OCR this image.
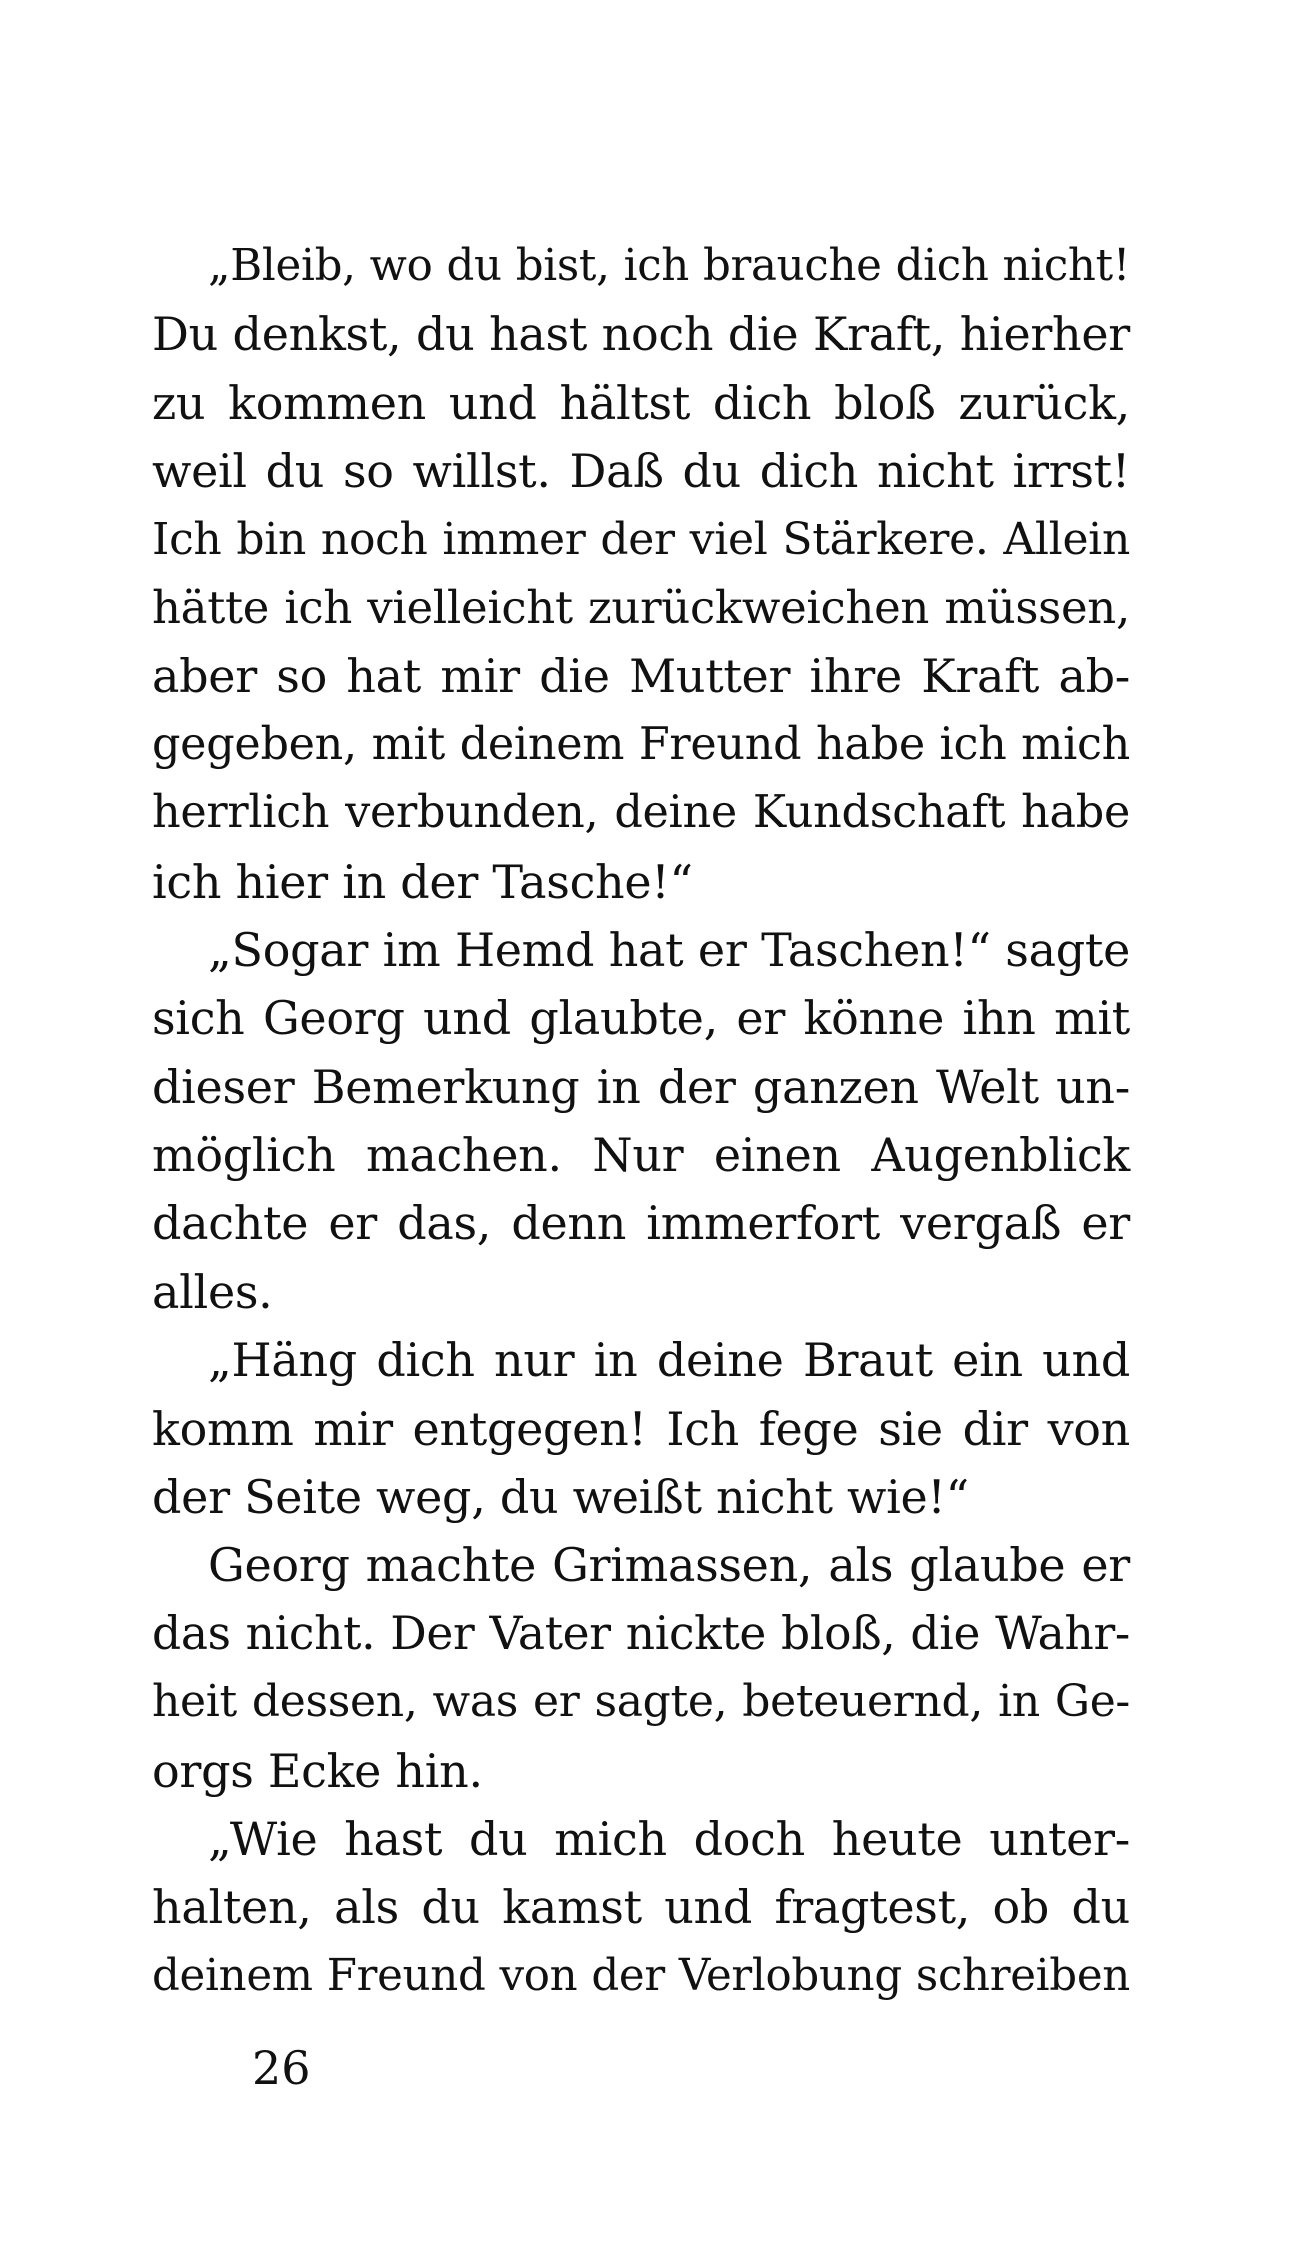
„Bleib, wo du bist, ich brauche dich nicht!
Du denkst, du hast noch die Kraft, hierher
zu kommen und hältst dich bloß zurück,
weil du so willst. Daß du dich nicht irrst!
Ich bin noch immer der viel Stärkere. Allein
hätte ich vielleicht zurückweichen müssen,
aber so hat mir die Mutter ihre Kraft ab-
gegeben, mit deinem Freund habe ich mich
herrlich verbunden, deine Kundschaft habe
ich hier in der Tasche!“
„Sogar im Hemd hat er Taschen!“ sagte
sich Georg und glaubte, er könne ihn mit
dieser Bemerkung in der ganzen Welt un-
möglich machen. Nur einen Augenblick
dachte er das, denn immerfort vergaß er
alles.
„Häng dich nur in deine Braut ein und
komm mir entgegen! Ich fege sie dir von
der Seite weg, du weißt nicht wie!“
Georg machte Grimassen, als glaube er
das nicht. Der Vater nickte bloß, die Wahr-
heit dessen, was er sagte, beteuernd, in Ge-
orgs Ecke hin.
„Wie hast du mich doch heute unter-
halten, als du kamst und fragtest, ob du
deinem Freund von der Verlobung schreiben
26
